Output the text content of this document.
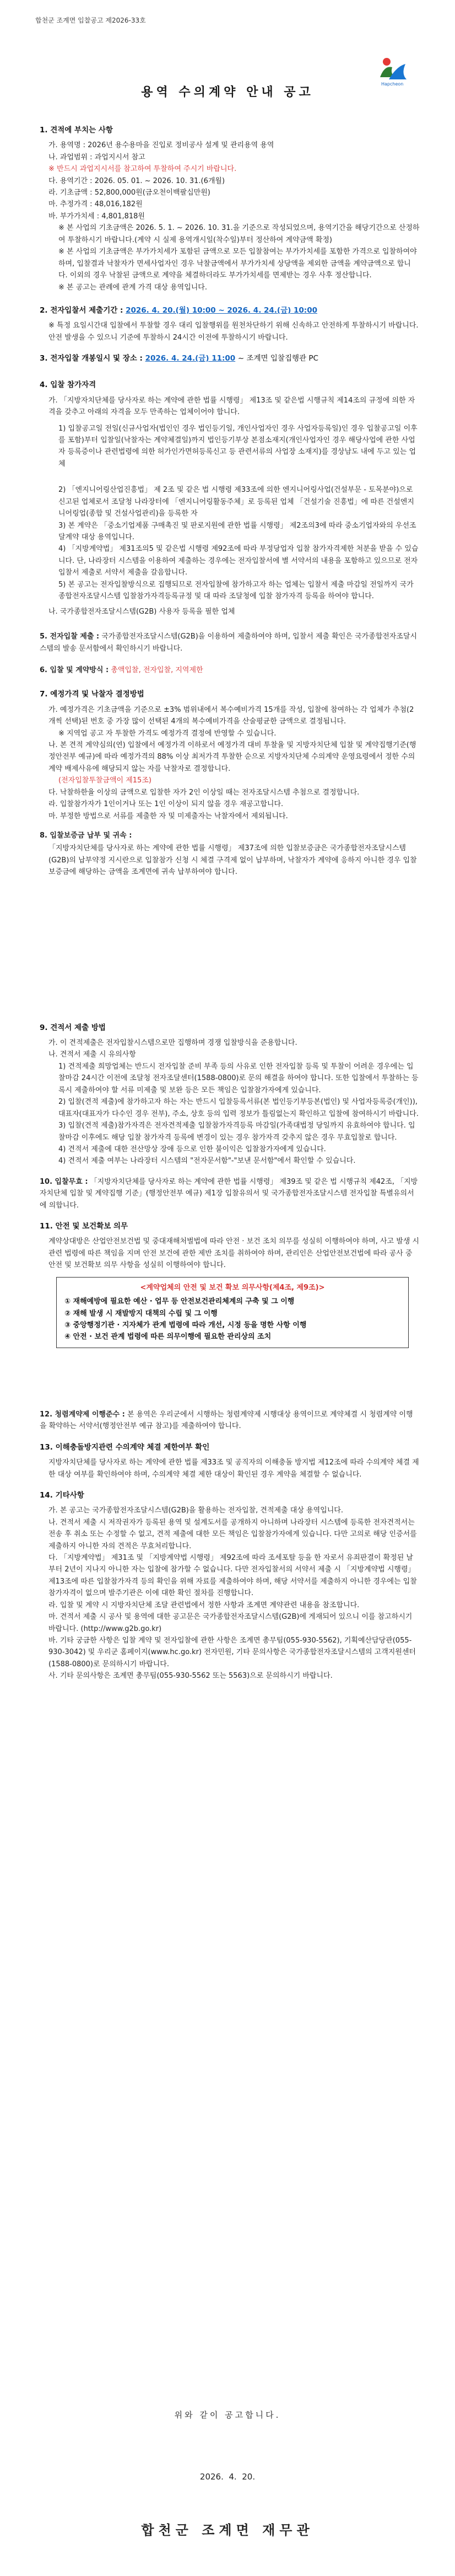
합천군 조계면 입찰공고 제2026-33호
Hapcheon
용역 수의계약 안내 공고

1. 견적에 부치는 사항

가. 용역명 : 2026년 용수용마을 진입로 정비공사 설계 및 관리용역 용역

나. 과업범위 : 과업지시서 참고

※ 반드시 과업지시서를 참고하여 투찰하여 주시기 바랍니다.

다. 용역기간 : 2026. 05. 01. ~ 2026. 10. 31.(6개월)

라. 기초금액 : 52,800,000원(금오천이백팔십만원)

마. 추정가격 : 48,016,182원

바. 부가가치세 : 4,801,818원

※ 본 사업의 기초금액은 2026. 5. 1. ~ 2026. 10. 31.을 기준으로 작성되었으며, 용역기간을 해당기간으로 산정하여 투찰하시기 바랍니다.(계약 시 실제 용역개시일(착수일)부터 정산하여 계약금액 확정)

※ 본 사업의 기초금액은 부가가치세가 포함된 금액으로 모든 입찰참여는 부가가치세를 포함한 가격으로 입찰하여야 하며, 입찰결과 낙찰자가 면세사업자인 경우 낙찰금액에서 부가가치세 상당액을 제외한 금액을 계약금액으로 합니다. 이외의 경우 낙찰된 금액으로 계약을 체결하더라도 부가가치세를 면제받는 경우 사후 정산합니다.

※ 본 공고는 관례에 관계 가격 대상 용역입니다.

2. 전자입찰서 제출기간 : 2026. 4. 20.(월) 10:00 ~ 2026. 4. 24.(금) 10:00

※ 특정 요일시간대 입찰에서 투찰할 경우 대리 입찰행위를 원천차단하기 위해 신속하고 안전하게 투찰하시기 바랍니다. 안전 발생을 수 있으니 기준에 투찰하시 24시간 이전에 투찰하시기 바랍니다.

3. 전자입찰 개봉일시 및 장소 : 2026. 4. 24.(금) 11:00 ~ 조계면 입찰집행관 PC

4. 입찰 참가자격

가. 「지방자치단체를 당사자로 하는 계약에 관한 법률 시행령」 제13조 및 같은법 시행규칙 제14조의 규정에 의한 자격을 갖추고 아래의 자격을 모두 만족하는 업체이어야 합니다.

1) 입찰공고일 전일(신규사업자(법인인 경우 법인등기일, 개인사업자인 경우 사업자등록일)인 경우 입찰공고일 이후를 포함)부터 입찰일(낙찰자는 계약체결일)까지 법인등기부상 본점소재지(개인사업자인 경우 해당사업에 관한 사업자 등록증이나 관련법령에 의한 허가인가면허등록신고 등 관련서류의 사업장 소재지)를 경상남도 내에 두고 있는 업체

2) 「엔지니어링산업진흥법」 제 2조 및 같은 법 시행령 제33조에 의한 엔지니어링사업(건설부문 - 토목분야)으로 신고된 업체로서 조달청 나라장터에 「엔지니어링활동주체」로 등록된 업체 「건설기술 진흥법」에 따른 건설엔지니어링업(종합 및 건설사업관리)을 등록한 자

3) 본 계약은 「중소기업제품 구매촉진 및 판로지원에 관한 법률 시행령」 제2조의3에 따라 중소기업자와의 우선조달계약 대상 용역입니다.

4) 「지방계약법」 제31조의5 및 같은법 시행령 제92조에 따라 부정당업자 입찰 참가자격제한 처분을 받을 수 있습니다. 단, 나라장터 시스템을 이용하여 제출하는 경우에는 전자입찰서에 별 서약서의 내용을 포함하고 있으므로 전자입찰서 제출로 서약서 제출을 갈음합니다.

5) 본 공고는 전자입찰방식으로 집행되므로 전자입찰에 참가하고자 하는 업체는 입찰서 제출 마감일 전일까지 국가종합전자조달시스템 입찰참가자격등록규정 및 대 따라 조달청에 입찰 참가자격 등록을 하여야 합니다.

나. 국가종합전자조달시스템(G2B) 사용자 등록을 필한 업체

5. 전자입찰 제출 : 국가종합전자조달시스템(G2B)을 이용하여 제출하여야 하며, 입찰서 제출 확인은 국가종합전자조달시스템의 발송 문서함에서 확인하시기 바랍니다.

6. 입찰 및 계약방식 : 총액입찰, 전자입찰, 지역제한

7. 예정가격 및 낙찰자 결정방법

가. 예정가격은 기초금액을 기준으로 ±3% 범위내에서 복수예비가격 15개를 작성, 입찰에 참여하는 각 업체가 추첨(2개씩 선택)된 번호 중 가장 많이 선택된 4개의 복수예비가격을 산술평균한 금액으로 결정됩니다.

※ 지역업 공고 자 투찰한 가격도 예정가격 결정에 반영할 수 있습니다.

나. 본 견적 계약심의(연) 입찰에서 예정가격 이하로서 예정가격 대비 투찰율 및 지방자치단체 입찰 및 계약집행기준(행정안전부 예규)에 따라 예정가격의 88% 이상 최저가격 투찰한 순으로 지방자치단체 수의계약 운영요령에서 정한 수의계약 배제사유에 해당되지 않는 자를 낙찰자로 결정합니다.

(전자입찰투찰금액이 제15조)

다. 낙찰하한율 이상의 금액으로 입찰한 자가 2인 이상일 때는 전자조달시스템 추첨으로 결정합니다.

라. 입찰참가자가 1인이거나 또는 1인 이상이 되지 않을 경우 재공고합니다.

마. 부정한 방법으로 서류를 제출한 자 및 미제출자는 낙찰자에서 제외됩니다.

8. 입찰보증금 납부 및 귀속 :

「지방자치단체를 당사자로 하는 계약에 관한 법률 시행령」 제37조에 의한 입찰보증금은 국가종합전자조달시스템(G2B)의 납부약정 지시란으로 입찰참가 신청 시 체결 구격제 없이 납부하며, 낙찰자가 계약에 응하지 아니한 경우 입찰보증금에 해당하는 금액을 조계면에 귀속 납부하여야 합니다.

9. 견적서 제출 방법

가. 이 견적제출은 전자입찰시스템으로만 집행하며 경쟁 입찰방식을 준용합니다.

나. 견적서 제출 시 유의사항

1) 견적제출 희망업체는 반드시 전자입찰 준비 부족 등의 사유로 인한 전자입찰 등록 및 투찰이 어려운 경우에는 입찰마감 24시간 이전에 조달청 전자조달센터(1588-0800)로 문의 해결을 하여야 합니다. 또한 입찰에서 투찰하는 등록시 제출하여야 할 서류 미제출 및 보완 등은 모든 책임은 입찰참가자에게 있습니다.

2) 입찰(견적 제출)에 참가하고자 하는 자는 반드시 입찰등록서류(본 법인등기부등본(법인) 및 사업자등록증(개인)), 대표자(대표자가 다수인 경우 전부), 주소, 상호 등의 입력 정보가 틀림없는지 확인하고 입찰에 참여하시기 바랍니다.

3) 입찰(견적 제출)참가자격은 전자견적제출 입찰참가자격등록 마감일(가족대법정 당일까지 유효하여야 합니다. 입찰마감 이후에도 해당 입찰 참가자격 등록에 변경이 있는 경우 참가자격 갖추지 않은 경우 무효입찰로 합니다.

4) 견적서 제출에 대한 전산망상 장애 등으로 인한 불이익은 입찰참가자에게 있습니다.

4) 견적서 제출 여부는 나라장터 시스템의 "전자문서함"-"보낸 문서함"에서 확인할 수 있습니다.

10. 입찰무효 : 「지방자치단체를 당사자로 하는 계약에 관한 법률 시행령」 제39조 및 같은 법 시행규칙 제42조, 「지방자치단체 입찰 및 계약집행 기준」(행정안전부 예규) 제1장 입찰유의서 및 국가종합전자조달시스템 전자입찰 특별유의서에 의합니다.

11. 안전 및 보건확보 의무

계약상대방은 산업안전보건법 및 중대재해처벌법에 따라 안전 · 보건 조치 의무를 성실히 이행하여야 하며, 사고 발생 시 관련 법령에 따른 책임을 지며 안전 보건에 관한 제반 조치를 취하여야 하며, 관리인은 산업안전보건법에 따라 공사 중 안전 및 보건확보 의무 사항을 성실히 이행하여야 합니다.

<계약업체의 안전 및 보건 확보 의무사항(제4조, 제9조)>
① 재해예방에 필요한 예산 · 업무 등 안전보건관리체계의 구축 및 그 이행
② 재해 발생 시 재발방지 대책의 수립 및 그 이행
③ 중앙행정기관 · 지자체가 관계 법령에 따라 개선, 시정 등을 명한 사항 이행
④ 안전 · 보건 관계 법령에 따른 의무이행에 필요한 관리상의 조치

12. 청렴계약제 이행준수 : 본 용역은 우리군에서 시행하는 청렴계약제 시행대상 용역이므로 계약체결 시 청렴계약 이행을 확약하는 서약서(행정안전부 예규 참고)를 제출하여야 합니다.

13. 이해충돌방지관련 수의계약 체결 제한여부 확인

지방자치단체를 당사자로 하는 계약에 관한 법률 제33조 및 공직자의 이해충돌 방지법 제12조에 따라 수의계약 체결 제한 대상 여부를 확인하여야 하며, 수의계약 체결 제한 대상이 확인된 경우 계약을 체결할 수 없습니다.

14. 기타사항

가. 본 공고는 국가종합전자조달시스템(G2B)을 활용하는 전자입찰, 견적제출 대상 용역입니다.

나. 견적서 제출 시 저작권자가 등록된 용역 및 설계도서를 공개하지 아니하며 나라장터 시스템에 등록한 전자견적서는 전송 후 취소 또는 수정할 수 없고, 견적 제출에 대한 모든 책임은 입찰참가자에게 있습니다. 다만 고의로 해당 인증서를 제출하지 아니한 자의 견적은 무효처리합니다.

다. 「지방계약법」 제31조 및 「지방계약법 시행령」 제92조에 따라 조세포탈 등을 한 자로서 유죄판결이 확정된 날부터 2년이 지나지 아니한 자는 입찰에 참가할 수 없습니다. 다만 전자입찰서의 서약서 제출 시 「지방계약법 시행령」 제13조에 따른 입찰참가자격 등의 확인을 위해 자료를 제출하여야 하며, 해당 서약서를 제출하지 아니한 경우에는 입찰참가자격이 없으며 발주기관은 이에 대한 확인 절차를 진행합니다.

라. 입찰 및 계약 시 지방자치단체 조달 관련법에서 정한 사항과 조계면 계약관련 내용을 참조합니다.

마. 견적서 제출 시 공사 및 용역에 대한 공고문은 국가종합전자조달시스템(G2B)에 게재되어 있으니 이를 참고하시기 바랍니다. (http://www.g2b.go.kr)

바. 기타 궁금한 사항은 입찰 계약 및 전자입찰에 관한 사항은 조계면 총무팀(055-930-5562), 기획예산담당관(055-930-3042) 및 우리군 홈페이지(www.hc.go.kr) 전자민원, 기타 문의사항은 국가종합전자조달시스템의 고객지원센터(1588-0800)로 문의하시기 바랍니다.

사. 기타 문의사항은 조계면 총무팀(055-930-5562 또는 5563)으로 문의하시기 바랍니다.

위와 같이 공고합니다.
2026.  4.  20.
합천군 조계면 재무관
